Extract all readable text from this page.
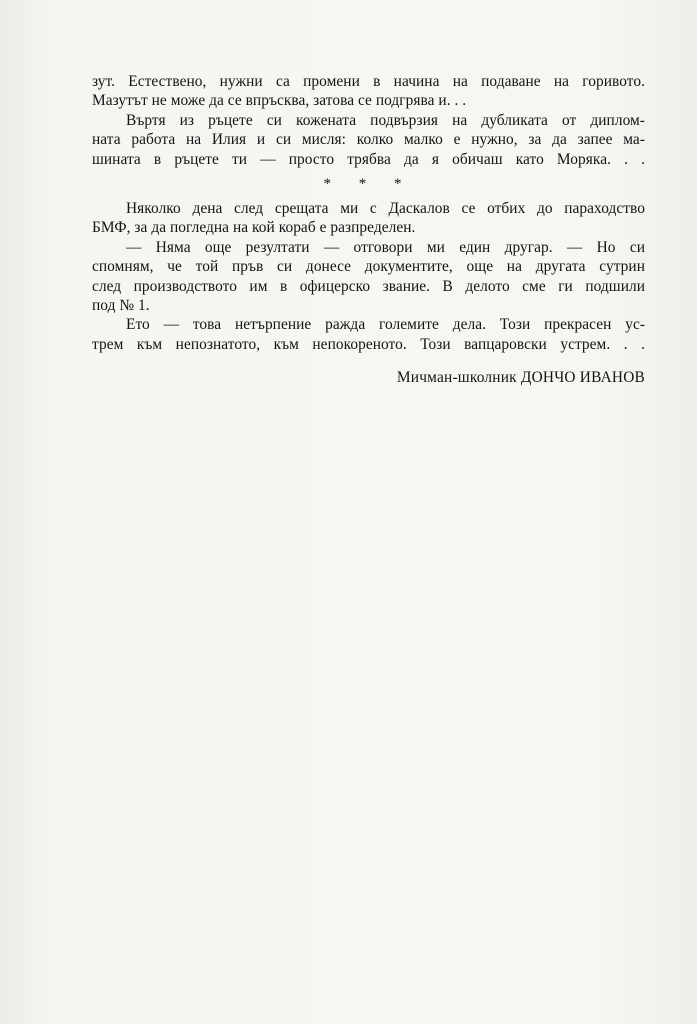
зут. Естествено, нужни са промени в начина на подаване на горивото.
Мазутът не може да се впръсква, затова се подгрява и. . .

Въртя из ръцете си кожената подвързия на дубликата от диплом-
ната работа на Илия и си мисля: колко малко е нужно, за да запее ма-
шината в ръцете ти — просто трябва да я обичаш като Моряка. . .

* * *

Няколко дена след срещата ми с Даскалов се отбих до параходство
БМФ, за да погледна на кой кораб е разпределен.

— Няма още резултати — отговори ми един другар. — Но си
спомням, че той пръв си донесе документите, още на другата сутрин
след производството им в офицерско звание. В делото сме ги подшили
под № 1.

Ето — това нетърпение ражда големите дела. Този прекрасен ус-
трем към непознатото, към непокореното. Този вапцаровски устрем. . .

Мичман-школник ДОНЧО ИВАНОВ
